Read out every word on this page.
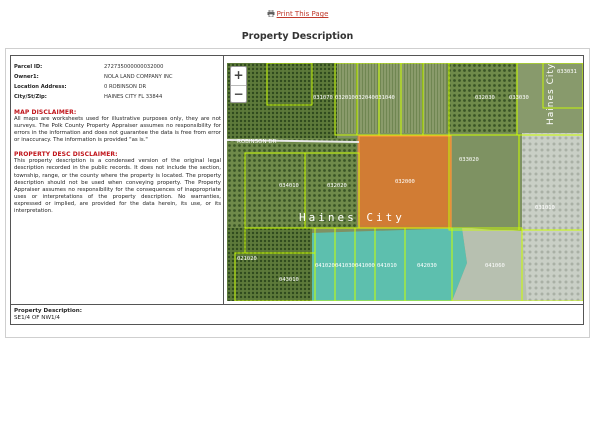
Print This Page
Property Description
Parcel ID:	272735000000032000
Owner1:	NOLA LAND COMPANY INC
Location Address:	0 ROBINSON DR
City/St/Zip:	HAINES CITY FL 33844
MAP DISCLAIMER:
All maps are worksheets used for illustrative purposes only, they are not surveys. The Polk County Property Appraiser assumes no responsibility for errors in the information and does not guarantee the data is free from error or inaccuracy. The information is provided "as is."
PROPERTY DESC DISCLAIMER:
This property description is a condensed version of the original legal description recorded in the public records. It does not include the section, township, range, or the county where the property is located. The property description should not be used when conveying property. The Property Appraiser assumes no responsibility for the consequences of inappropriate uses or interpretations of the property description. No warranties, expressed or implied, are provided for the data herein, its use, or its interpretation.
031070 032010 032040 031040	032030
032000
033030
033031
034010	032020
033020
021020
031010
041020 041030 041000 041010	042030	041060
043010
ROBINSON DR
Haines City
Haines City
+
−
Property Description:
SE1/4 OF NW1/4
